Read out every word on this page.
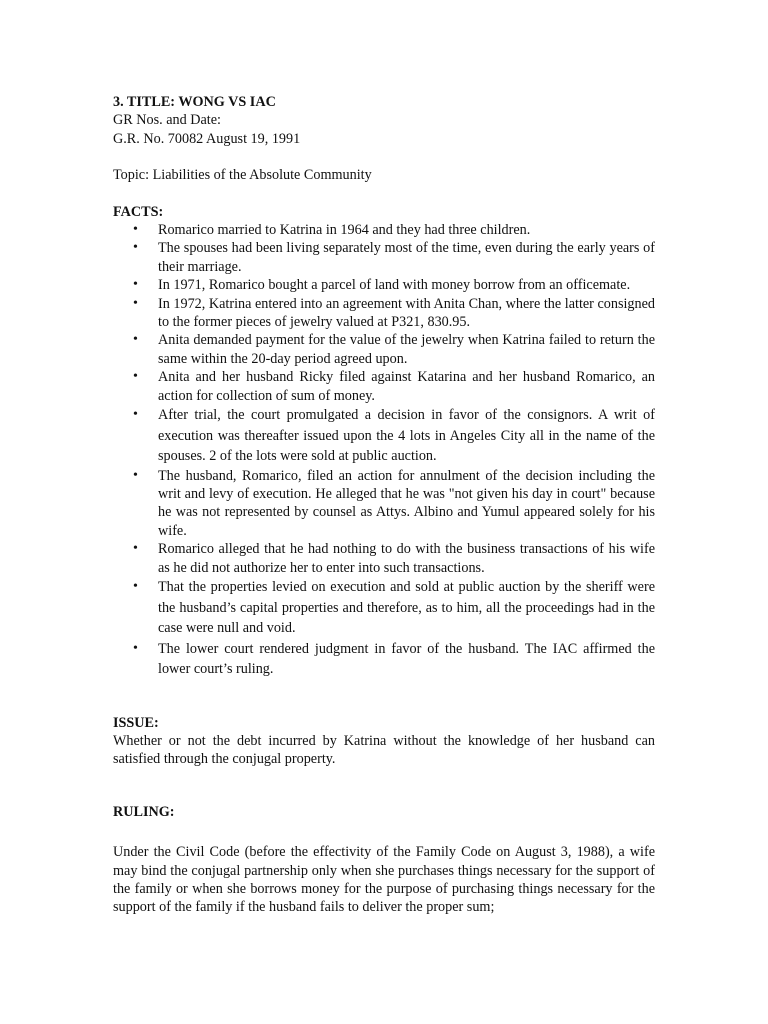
3. TITLE: WONG VS IAC
GR Nos. and Date:
G.R. No. 70082 August 19, 1991
Topic: Liabilities of the Absolute Community
FACTS:
• Romarico married to Katrina in 1964 and they had three children.
• The spouses had been living separately most of the time, even during the early years of their marriage.
• In 1971, Romarico bought a parcel of land with money borrow from an officemate.
• In 1972, Katrina entered into an agreement with Anita Chan, where the latter consigned to the former pieces of jewelry valued at P321, 830.95.
• Anita demanded payment for the value of the jewelry when Katrina failed to return the same within the 20-day period agreed upon.
• Anita and her husband Ricky filed against Katarina and her husband Romarico, an action for collection of sum of money.
• After trial, the court promulgated a decision in favor of the consignors. A writ of execution was thereafter issued upon the 4 lots in Angeles City all in the name of the spouses. 2 of the lots were sold at public auction.
• The husband, Romarico, filed an action for annulment of the decision including the writ and levy of execution. He alleged that he was "not given his day in court" because he was not represented by counsel as Attys. Albino and Yumul appeared solely for his wife.
• Romarico alleged that he had nothing to do with the business transactions of his wife as he did not authorize her to enter into such transactions.
• That the properties levied on execution and sold at public auction by the sheriff were the husband’s capital properties and therefore, as to him, all the proceedings had in the case were null and void.
• The lower court rendered judgment in favor of the husband. The IAC affirmed the lower court’s ruling.
ISSUE:
Whether or not the debt incurred by Katrina without the knowledge of her husband can satisfied through the conjugal property.
RULING:
Under the Civil Code (before the effectivity of the Family Code on August 3, 1988), a wife may bind the conjugal partnership only when she purchases things necessary for the support of the family or when she borrows money for the purpose of purchasing things necessary for the support of the family if the husband fails to deliver the proper sum;
